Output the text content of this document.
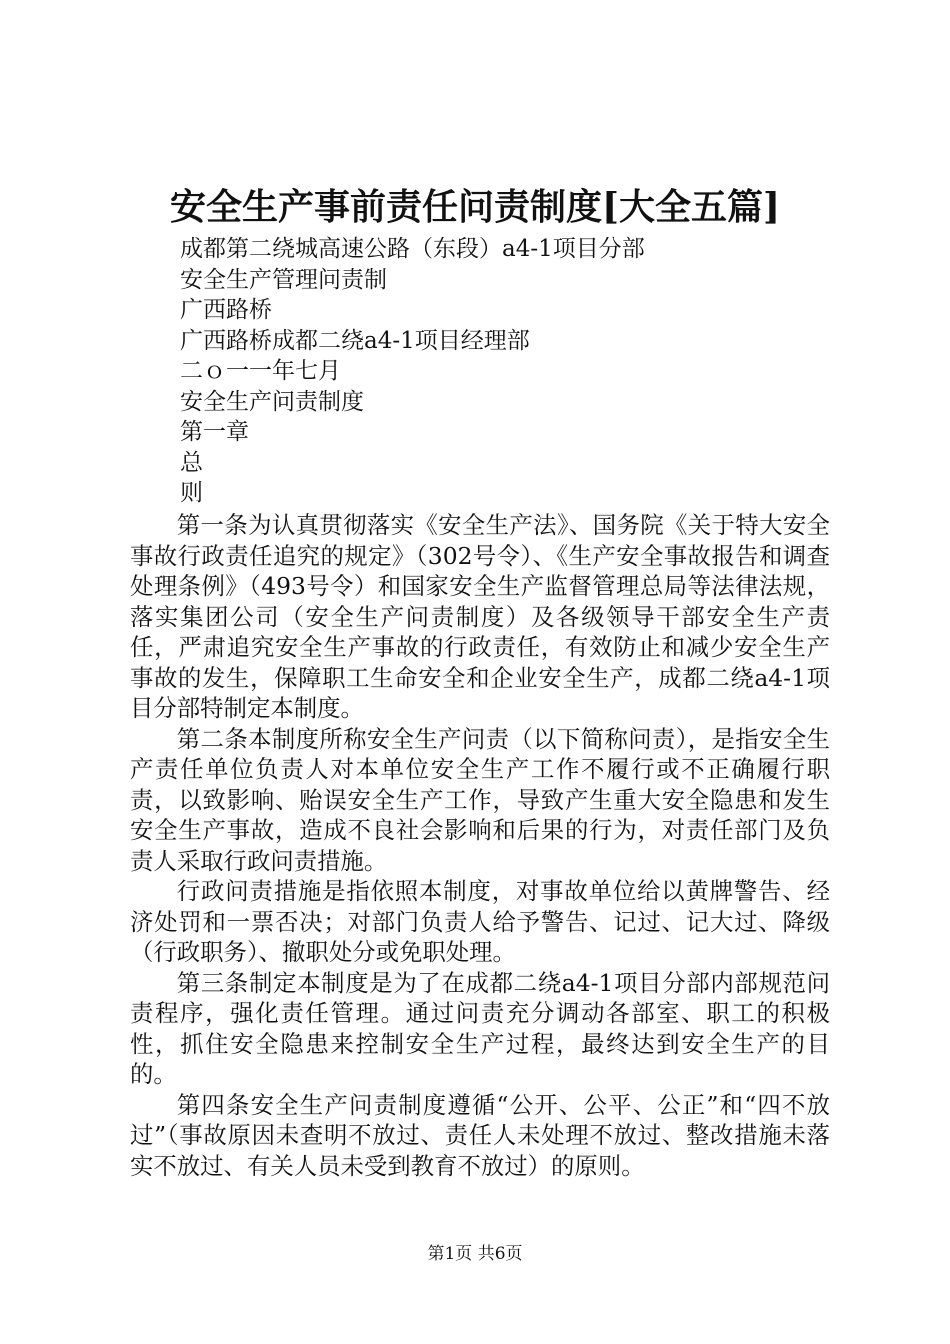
安全生产事前责任问责制度[大全五篇]
成都第二绕城高速公路（东段）a4-1项目分部
安全生产管理问责制
广西路桥
广西路桥成都二绕a4-1项目经理部
二ｏ一一年七月
安全生产问责制度
第一章
总
则

第一条为认真贯彻落实《安全生产法》、国务院《关于特大安全事故行政责任追究的规定》（302号令）、《生产安全事故报告和调查处理条例》（493号令）和国家安全生产监督管理总局等法律法规，落实集团公司（安全生产问责制度）及各级领导干部安全生产责任，严肃追究安全生产事故的行政责任，有效防止和减少安全生产事故的发生，保障职工生命安全和企业安全生产，成都二绕a4-1项目分部特制定本制度。

第二条本制度所称安全生产问责（以下简称问责），是指安全生产责任单位负责人对本单位安全生产工作不履行或不正确履行职责，以致影响、贻误安全生产工作，导致产生重大安全隐患和发生安全生产事故，造成不良社会影响和后果的行为，对责任部门及负责人采取行政问责措施。

行政问责措施是指依照本制度，对事故单位给以黄牌警告、经济处罚和一票否决；对部门负责人给予警告、记过、记大过、降级（行政职务）、撤职处分或免职处理。

第三条制定本制度是为了在成都二绕a4-1项目分部内部规范问责程序，强化责任管理。通过问责充分调动各部室、职工的积极性，抓住安全隐患来控制安全生产过程，最终达到安全生产的目的。

第四条安全生产问责制度遵循“公开、公平、公正”和“四不放过”（事故原因未查明不放过、责任人未处理不放过、整改措施未落实不放过、有关人员未受到教育不放过）的原则。

第1页 共6页
